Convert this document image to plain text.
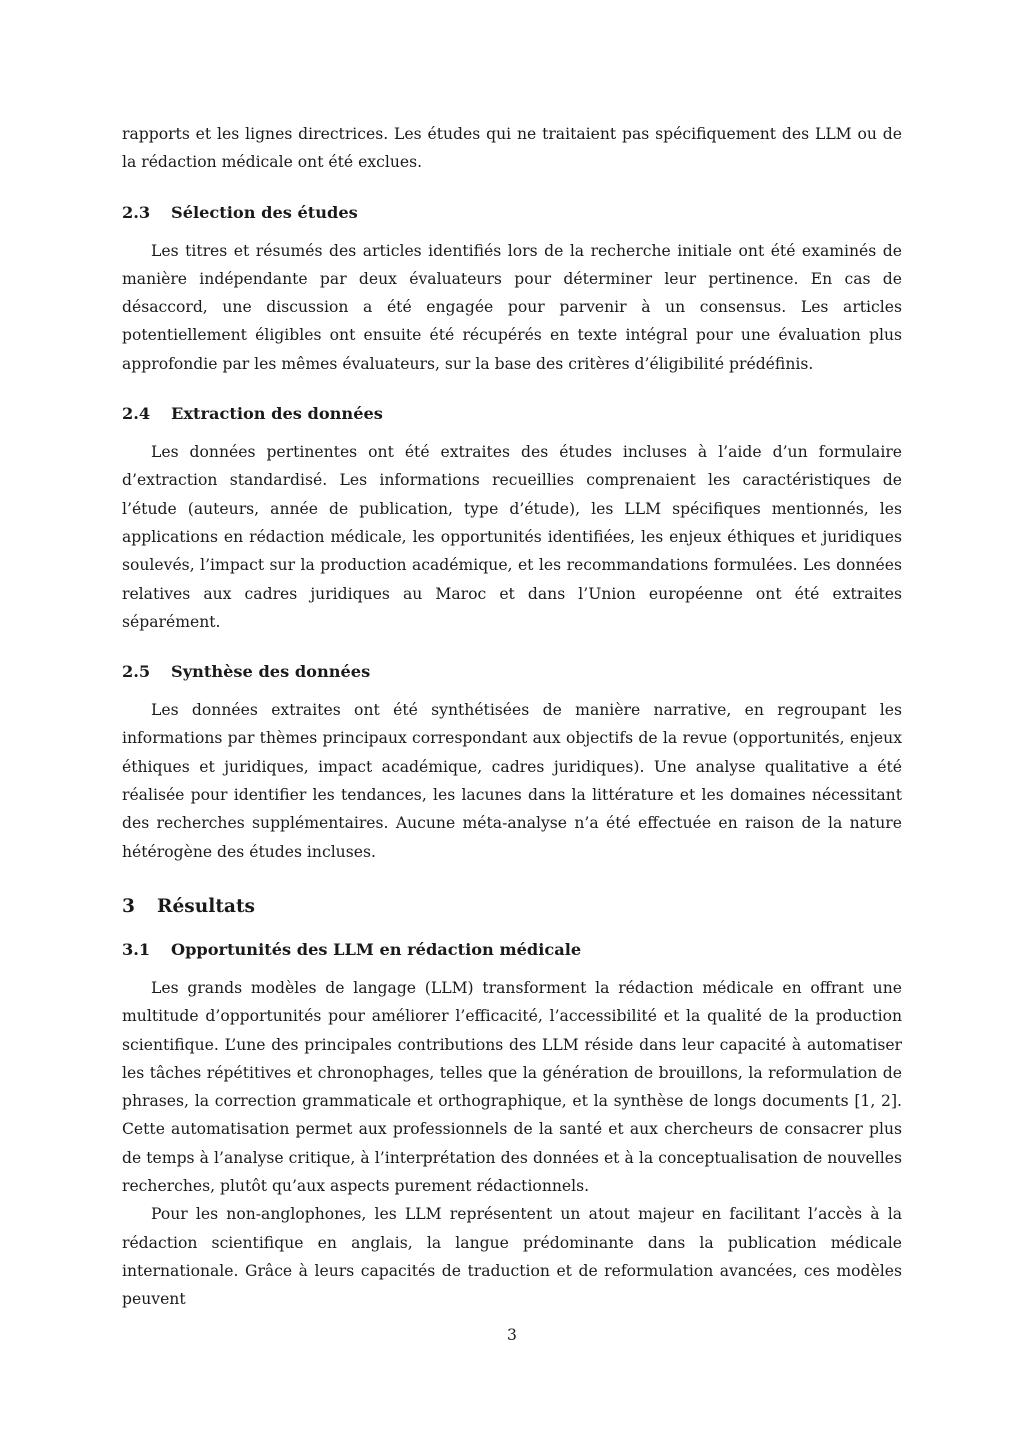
rapports et les lignes directrices. Les études qui ne traitaient pas spécifiquement des LLM ou de la rédaction médicale ont été exclues.

2.3 Sélection des études

Les titres et résumés des articles identifiés lors de la recherche initiale ont été examinés de manière indépendante par deux évaluateurs pour déterminer leur pertinence. En cas de désaccord, une discussion a été engagée pour parvenir à un consensus. Les articles potentiellement éligibles ont ensuite été récupérés en texte intégral pour une évaluation plus approfondie par les mêmes évaluateurs, sur la base des critères d’éligibilité prédéfinis.

2.4 Extraction des données

Les données pertinentes ont été extraites des études incluses à l’aide d’un formulaire d’extraction standardisé. Les informations recueillies comprenaient les caractéristiques de l’étude (auteurs, année de publication, type d’étude), les LLM spécifiques mentionnés, les applications en rédaction médicale, les opportunités identifiées, les enjeux éthiques et juridiques soulevés, l’impact sur la production académique, et les recommandations formulées. Les données relatives aux cadres juridiques au Maroc et dans l’Union européenne ont été extraites séparément.

2.5 Synthèse des données

Les données extraites ont été synthétisées de manière narrative, en regroupant les informations par thèmes principaux correspondant aux objectifs de la revue (opportunités, enjeux éthiques et juridiques, impact académique, cadres juridiques). Une analyse qualitative a été réalisée pour identifier les tendances, les lacunes dans la littérature et les domaines nécessitant des recherches supplémentaires. Aucune méta-analyse n’a été effectuée en raison de la nature hétérogène des études incluses.

3 Résultats
3.1 Opportunités des LLM en rédaction médicale

Les grands modèles de langage (LLM) transforment la rédaction médicale en offrant une multitude d’opportunités pour améliorer l’efficacité, l’accessibilité et la qualité de la production scientifique. L’une des principales contributions des LLM réside dans leur capacité à automatiser les tâches répétitives et chronophages, telles que la génération de brouillons, la reformulation de phrases, la correction grammaticale et orthographique, et la synthèse de longs documents [1, 2]. Cette automatisation permet aux professionnels de la santé et aux chercheurs de consacrer plus de temps à l’analyse critique, à l’interprétation des données et à la conceptualisation de nouvelles recherches, plutôt qu’aux aspects purement rédactionnels.

Pour les non-anglophones, les LLM représentent un atout majeur en facilitant l’accès à la rédaction scientifique en anglais, la langue prédominante dans la publication médicale internationale. Grâce à leurs capacités de traduction et de reformulation avancées, ces modèles peuvent

3
